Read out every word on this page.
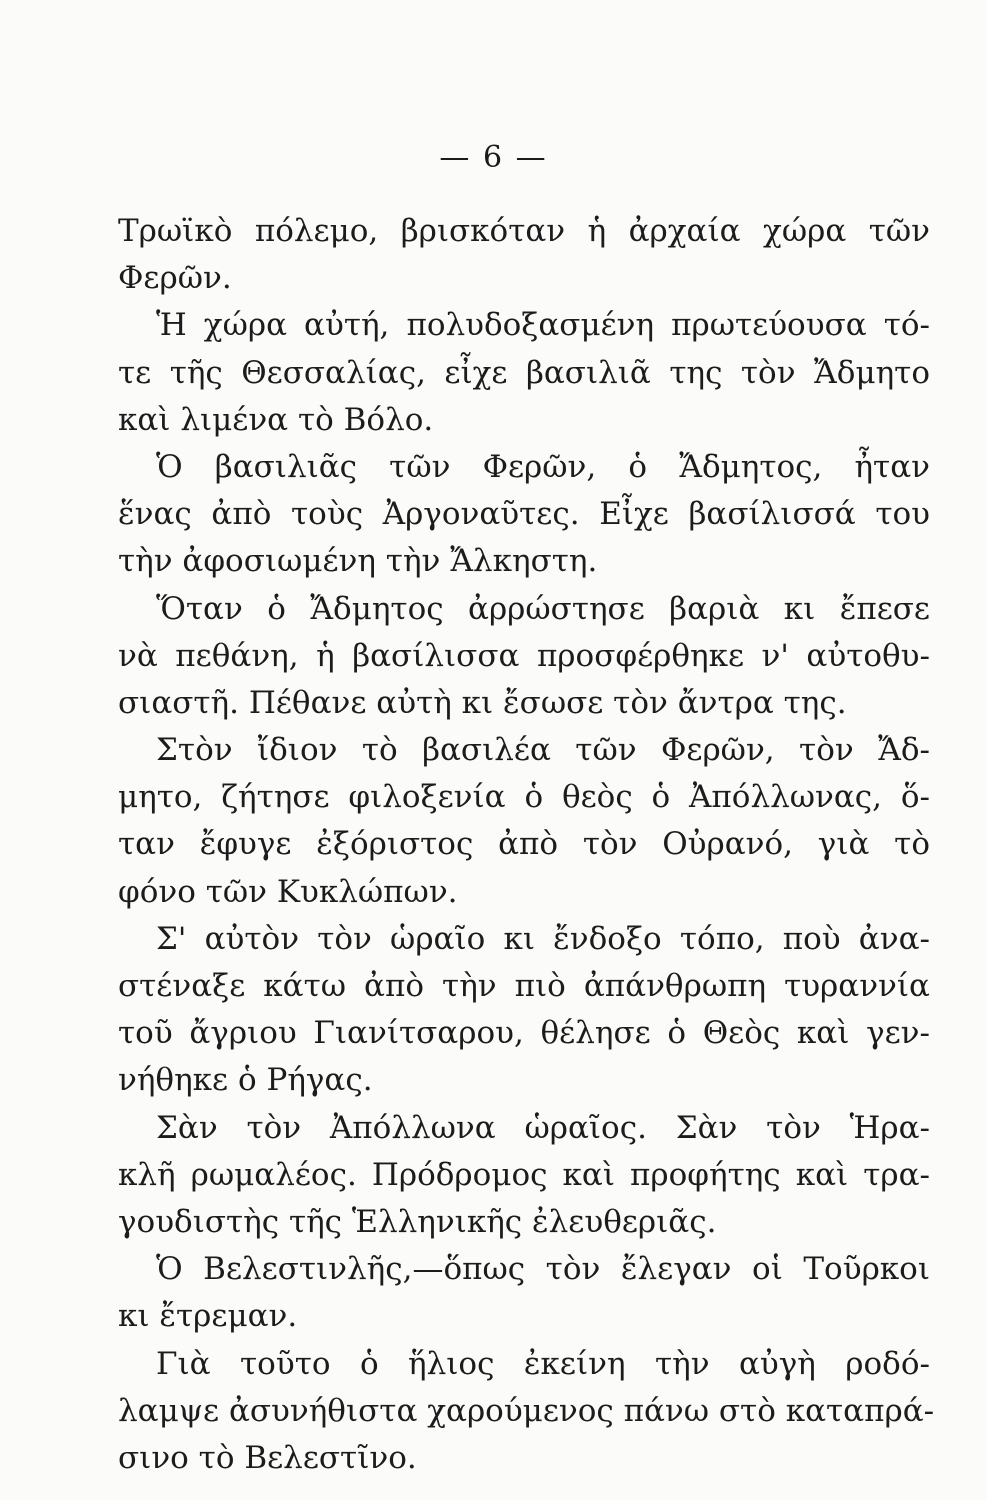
— 6 —
Τρωϊκὸ πόλεμο, βρισκόταν ἡ ἀρχαία χώρα τῶν
Φερῶν.
Ἡ χώρα αὐτή, πολυδοξασμένη πρωτεύουσα τό-
τε τῆς Θεσσαλίας, εἶχε βασιλιᾶ της τὸν Ἄδμητο
καὶ λιμένα τὸ Βόλο.
Ὁ βασιλιᾶς τῶν Φερῶν, ὁ Ἄδμητος, ἦταν
ἕνας ἀπὸ τοὺς Ἀργοναῦτες. Εἶχε βασίλισσά του
τὴν ἀφοσιωμένη τὴν Ἄλκηστη.
Ὅταν ὁ Ἄδμητος ἀρρώστησε βαριὰ κι ἔπεσε
νὰ πεθάνη, ἡ βασίλισσα προσφέρθηκε ν' αὐτοθυ-
σιαστῆ. Πέθανε αὐτὴ κι ἔσωσε τὸν ἄντρα της.
Στὸν ἴδιον τὸ βασιλέα τῶν Φερῶν, τὸν Ἄδ-
μητο, ζήτησε φιλοξενία ὁ θεὸς ὁ Ἀπόλλωνας, ὅ-
ταν ἔφυγε ἐξόριστος ἀπὸ τὸν Οὐρανό, γιὰ τὸ
φόνο τῶν Κυκλώπων.
Σ' αὐτὸν τὸν ὡραῖο κι ἔνδοξο τόπο, ποὺ ἀνα-
στέναξε κάτω ἀπὸ τὴν πιὸ ἀπάνθρωπη τυραννία
τοῦ ἄγριου Γιανίτσαρου, θέλησε ὁ Θεὸς καὶ γεν-
νήθηκε ὁ Ρήγας.
Σὰν τὸν Ἀπόλλωνα ὡραῖος. Σὰν τὸν Ἡρα-
κλῆ ρωμαλέος. Πρόδρομος καὶ προφήτης καὶ τρα-
γουδιστὴς τῆς Ἑλληνικῆς ἐλευθεριᾶς.
Ὁ Βελεστινλῆς,—ὅπως τὸν ἔλεγαν οἱ Τοῦρκοι
κι ἔτρεμαν.
Γιὰ τοῦτο ὁ ἥλιος ἐκείνη τὴν αὐγὴ ροδό-
λαμψε ἀσυνήθιστα χαρούμενος πάνω στὸ καταπρά-
σινο τὸ Βελεστῖνο.
